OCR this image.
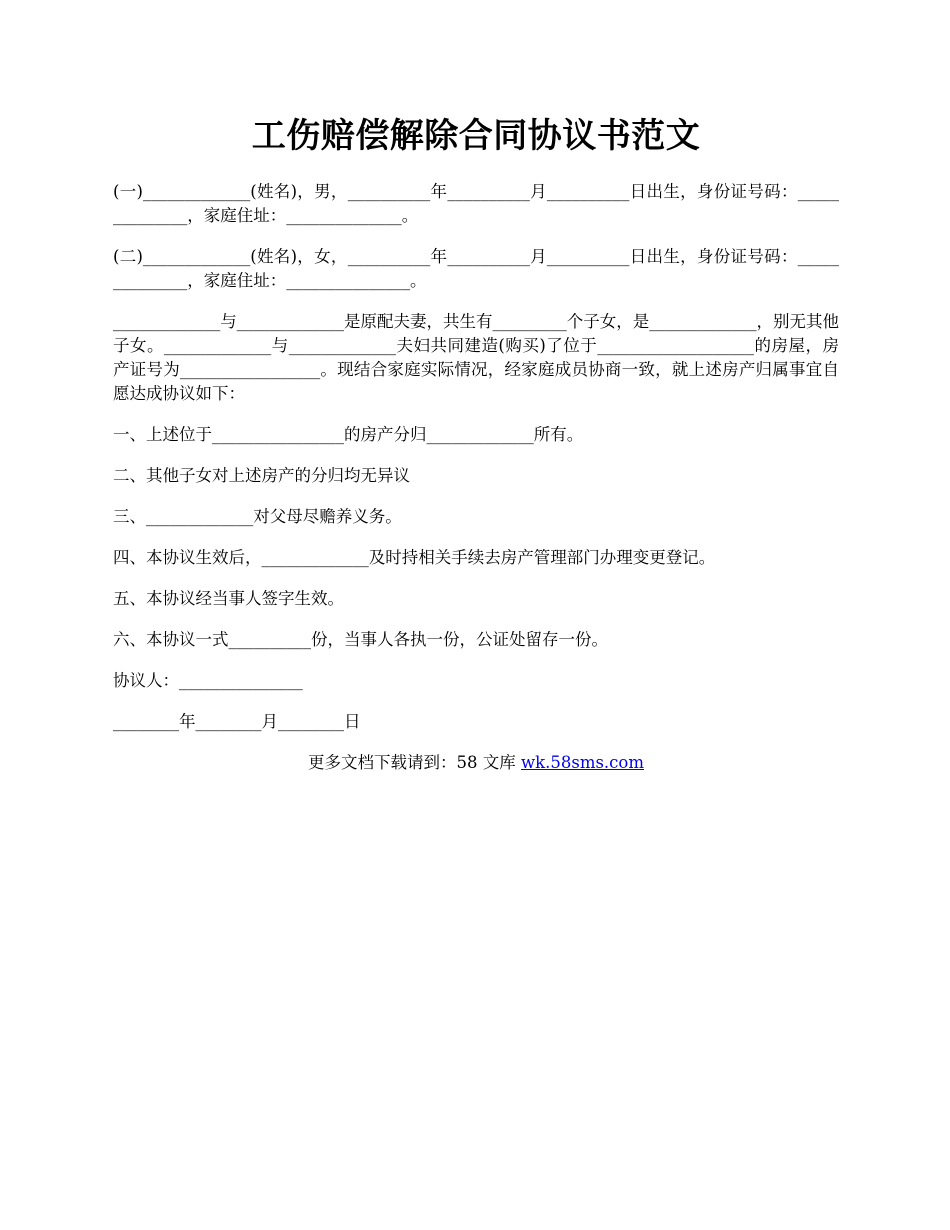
工伤赔偿解除合同协议书范文

(一)_____________(姓名)，男，__________年__________月__________日出生，身份证号码：______________，家庭住址：______________。

(二)_____________(姓名)，女，__________年__________月__________日出生，身份证号码：______________，家庭住址：_______________。

_____________与_____________是原配夫妻，共生有_________个子女，是_____________，别无其他子女。_____________与_____________夫妇共同建造(购买)了位于___________________的房屋，房产证号为_________________。现结合家庭实际情况，经家庭成员协商一致，就上述房产归属事宜自愿达成协议如下：

一、上述位于________________的房产分归_____________所有。

二、其他子女对上述房产的分归均无异议

三、_____________对父母尽赡养义务。

四、本协议生效后，_____________及时持相关手续去房产管理部门办理变更登记。

五、本协议经当事人签字生效。

六、本协议一式__________份，当事人各执一份，公证处留存一份。

协议人：_______________

________年________月________日

更多文档下载请到：58 文库 wk.58sms.com
